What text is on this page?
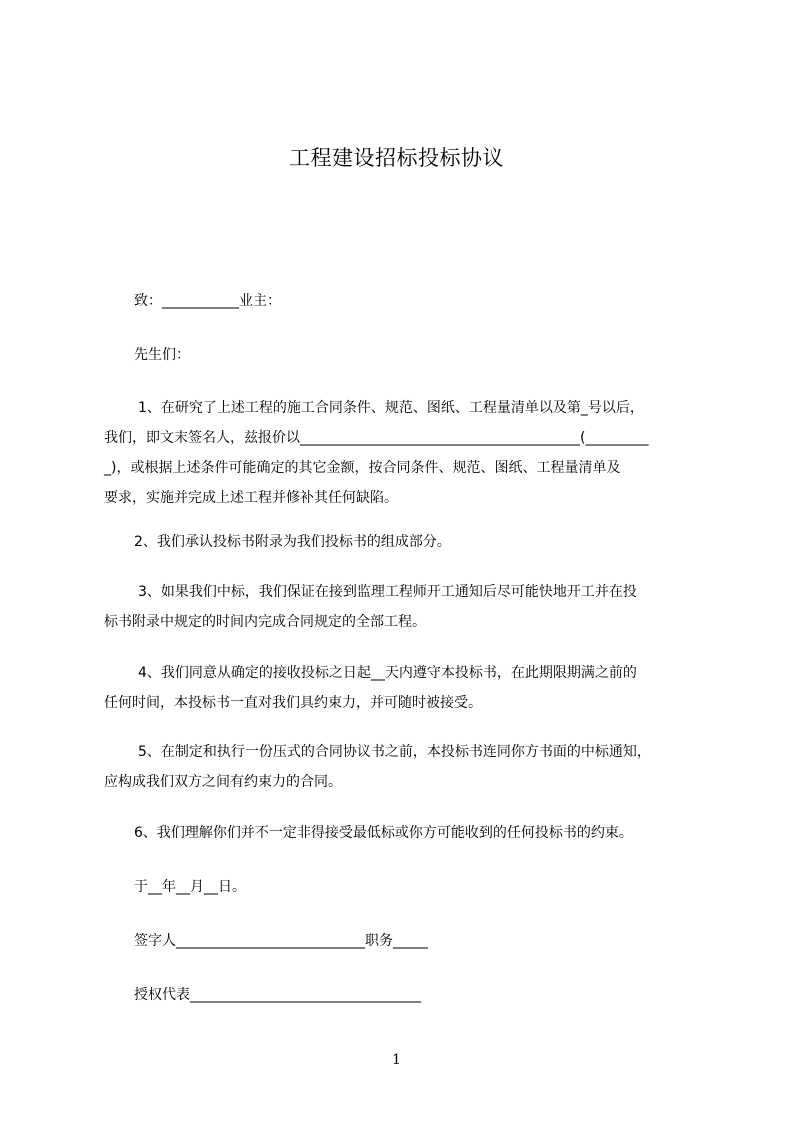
工程建设招标投标协议
致：___________业主：
先生们：
1、在研究了上述工程的施工合同条件、规范、图纸、工程量清单以及第_号以后，
我们，即文末签名人，兹报价以________________________________________(_________
_)，或根据上述条件可能确定的其它金额，按合同条件、规范、图纸、工程量清单及
要求，实施并完成上述工程并修补其任何缺陷。
2、我们承认投标书附录为我们投标书的组成部分。
3、如果我们中标，我们保证在接到监理工程师开工通知后尽可能快地开工并在投
标书附录中规定的时间内完成合同规定的全部工程。
4、我们同意从确定的接收投标之日起__天内遵守本投标书，在此期限期满之前的
任何时间，本投标书一直对我们具约束力，并可随时被接受。
5、在制定和执行一份压式的合同协议书之前，本投标书连同你方书面的中标通知，
应构成我们双方之间有约束力的合同。
6、我们理解你们并不一定非得接受最低标或你方可能收到的任何投标书的约束。
于__年__月__日。
签字人___________________________职务_____
授权代表_________________________________
1
